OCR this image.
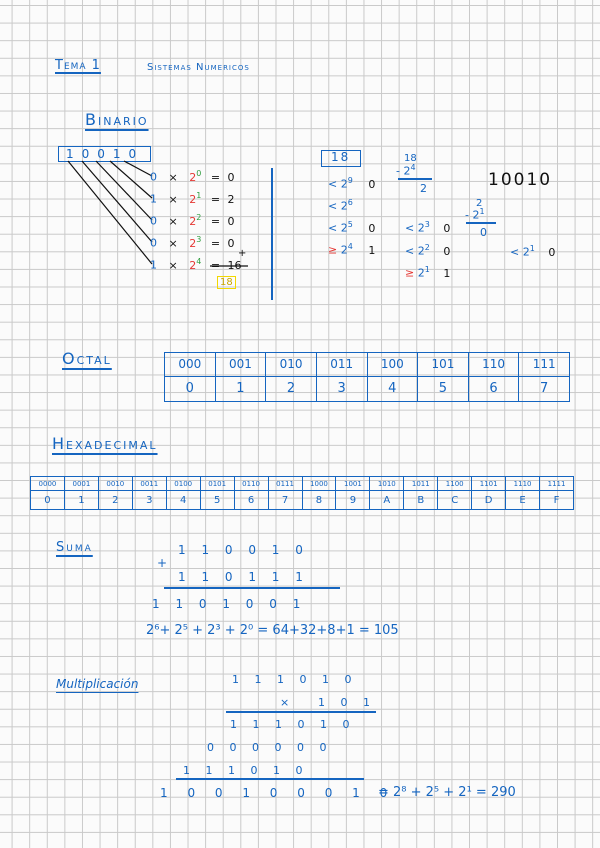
Tema 1	Sistemas Numericos
Binario
10010
$0 \times 2^0 = 0$
$1 \times 2^1 = 2$
$0 \times 2^2 = 0$
$0 \times 2^3 = 0$
$1 \times 2^4 = 16$
+
18
18
< $2^9$ 0
< $2^6$
< $2^5$ 0
≥ $2^4$ 1
18
- $2^4$
2
< $2^3$ 0
< $2^2$ 0
≥ $2^1$ 1
2
- $2^1$
0
< $2^1$ 0
10010
Octal	000	001	010	011	100	101	110	111
0	1	2	3	4	5	6	7
Hexadecimal
0000	0001	0010	0011	0100	0101	0110	0111	1000	1001	1010	1011	1100	1101	1110	1111
0	1	2	3	4	5	6	7	8	9	A	B	C	D	E	F
Suma
+
1 1 0 0 1 0
1 1 0 1 1 1
1 1 0 1 0 0 1
2⁶+ 2⁵ + 2³ + 2⁰ = 64+32+8+1 = 105
Multiplicación	1 1 1 0 1 0
×	1 0 1
1 1 1 0 1 0
0 0 0 0 0 0
1 1 1 0 1 0
1 0 0 1 0 0 0 1 0
= 2⁸ + 2⁵ + 2¹ = 290
